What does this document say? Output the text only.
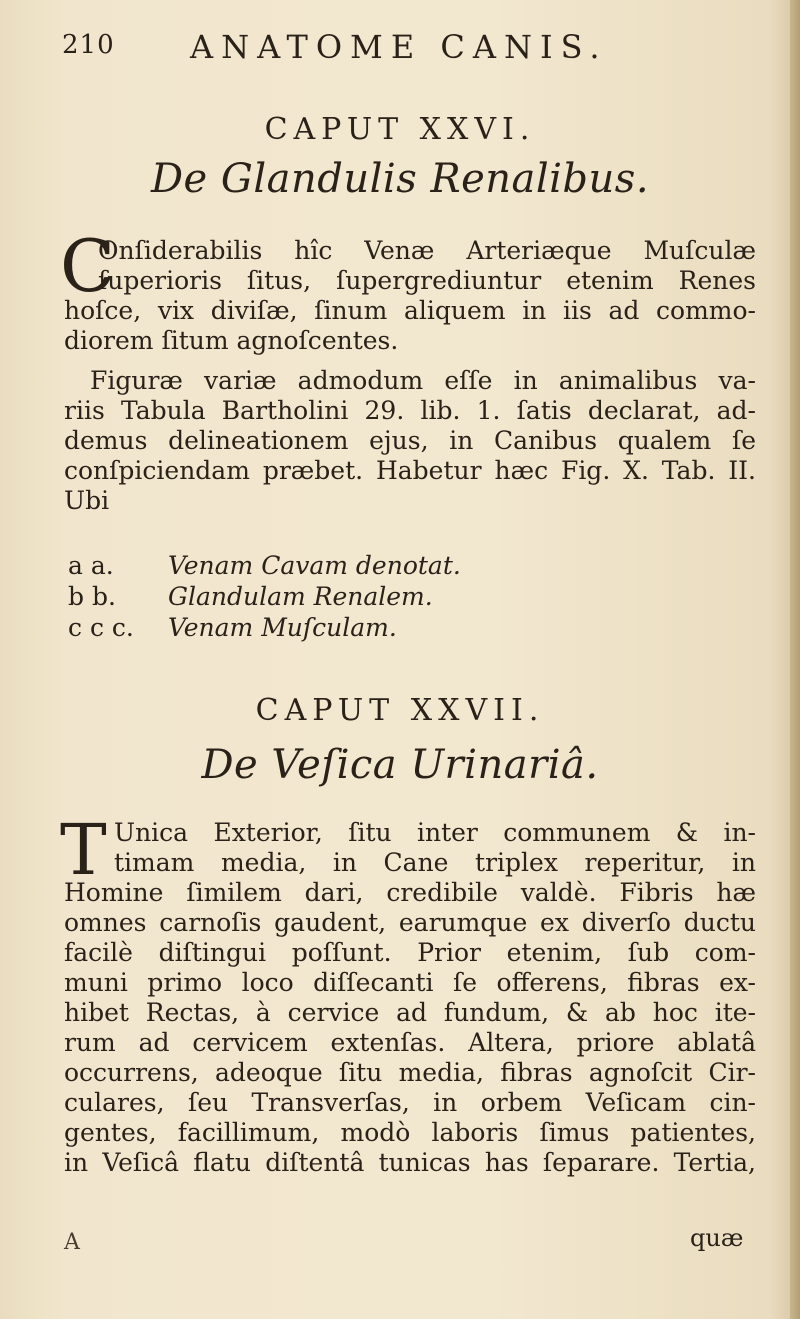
210 ANATOME CANIS.
CAPUT XXVI.
De Glandulis Renalibus.
C
Onſiderabilis hîc Venæ Arteriæque Muſculæ
ſuperioris ſitus, ſupergrediuntur etenim Renes
hoſce, vix diviſæ, ſinum aliquem in iis ad commo-
diorem ſitum agnoſcentes.
Figuræ variæ admodum eſſe in animalibus va-
riis Tabula Bartholini 29. lib. 1. ſatis declarat, ad-
demus delineationem ejus, in Canibus qualem ſe
conſpiciendam præbet. Habetur hæc Fig. X. Tab. II.
Ubi
a a. Venam Cavam denotat.
b b. Glandulam Renalem.
c c c. Venam Muſculam.
CAPUT XXVII.
De Veſica Urinariâ.
T Unica Exterior, ſitu inter communem & in-
timam media, in Cane triplex reperitur, in
Homine ſimilem dari, credibile valdè. Fibris hæ
omnes carnoſis gaudent, earumque ex diverſo ductu
facilè diſtingui poſſunt. Prior etenim, ſub com-
muni primo loco diſſecanti ſe offerens, fibras ex-
hibet Rectas, à cervice ad fundum, & ab hoc ite-
rum ad cervicem extenſas. Altera, priore ablatâ
occurrens, adeoque ſitu media, fibras agnoſcit Cir-
culares, ſeu Transverſas, in orbem Veſicam cin-
gentes, facillimum, modò laboris ſimus patientes,
in Veſicâ flatu diſtentâ tunicas has ſeparare. Tertia,
A	quæ
